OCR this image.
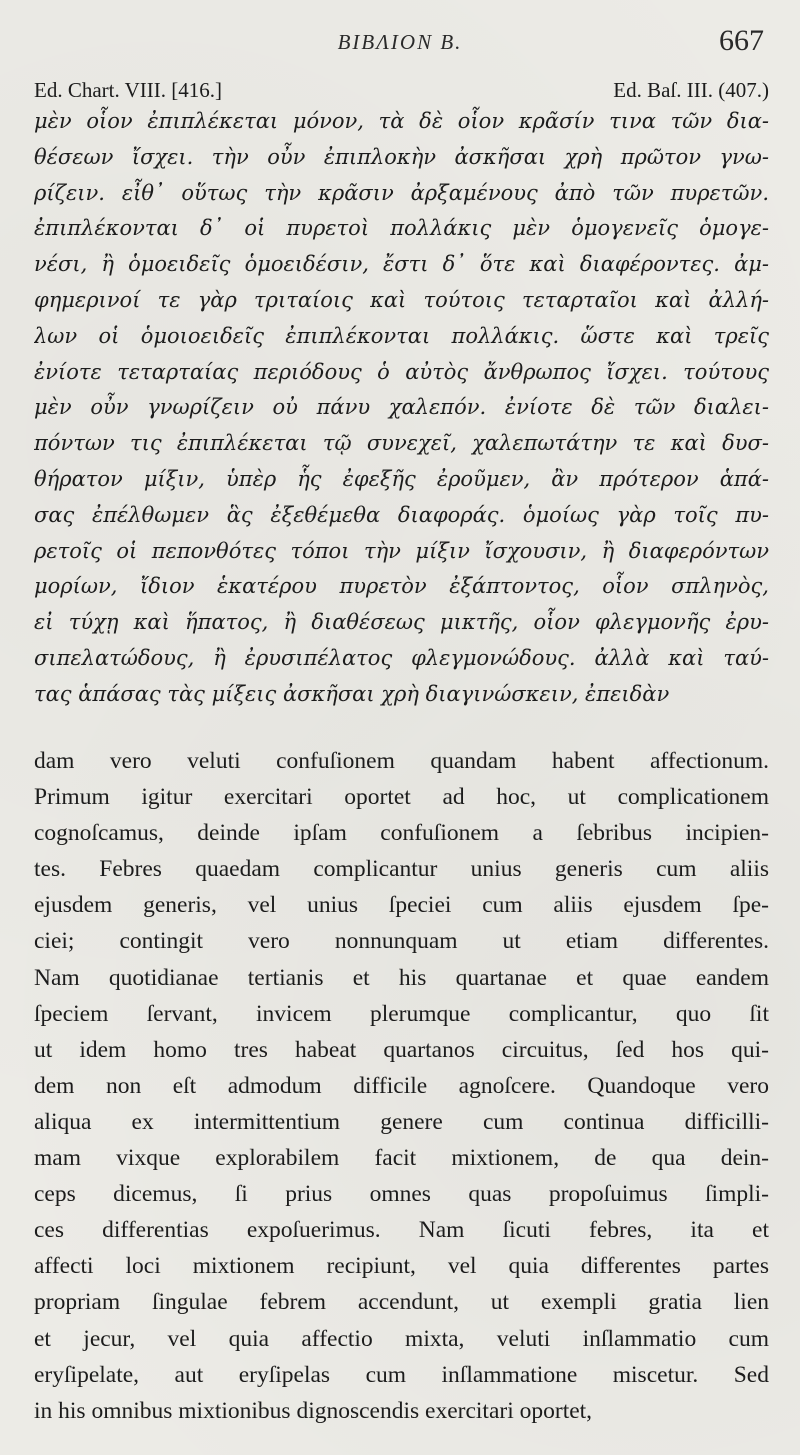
ΒΙΒΛΙΟΝ Β.	667
Ed. Chart. VIII. [416.]	Ed. Baſ. III. (407.)
μὲν οἷον ἐπιπλέκεται μόνον, τὰ δὲ οἷον κρᾶσίν τινα τῶν δια-
θέσεων ἴσχει. τὴν οὖν ἐπιπλοκὴν ἀσκῆσαι χρὴ πρῶτον γνω-
ρίζειν. εἶθ᾽ οὕτως τὴν κρᾶσιν ἀρξαμένους ἀπὸ τῶν πυρετῶν.
ἐπιπλέκονται δ᾽ οἱ πυρετοὶ πολλάκις μὲν ὁμογενεῖς ὁμογε-
νέσι, ἢ ὁμοειδεῖς ὁμοειδέσιν, ἔστι δ᾽ ὅτε καὶ διαφέροντες. ἀμ-
φημερινοί τε γὰρ τριταίοις καὶ τούτοις τεταρταῖοι καὶ ἀλλή-
λων οἱ ὁμοιοειδεῖς ἐπιπλέκονται πολλάκις. ὥστε καὶ τρεῖς
ἐνίοτε τεταρταίας περιόδους ὁ αὐτὸς ἄνθρωπος ἴσχει. τούτους
μὲν οὖν γνωρίζειν οὐ πάνυ χαλεπόν. ἐνίοτε δὲ τῶν διαλει-
πόντων τις ἐπιπλέκεται τῷ συνεχεῖ, χαλεπωτάτην τε καὶ δυσ-
θήρατον μίξιν, ὑπὲρ ἧς ἐφεξῆς ἐροῦμεν, ἂν πρότερον ἁπά-
σας ἐπέλθωμεν ἃς ἐξεθέμεθα διαφοράς. ὁμοίως γὰρ τοῖς πυ-
ρετοῖς οἱ πεπονθότες τόποι τὴν μίξιν ἴσχουσιν, ἢ διαφερόντων
μορίων, ἴδιον ἑκατέρου πυρετὸν ἐξάπτοντος, οἷον σπληνὸς,
εἰ τύχῃ καὶ ἥπατος, ἢ διαθέσεως μικτῆς, οἷον φλεγμονῆς ἐρυ-
σιπελατώδους, ἢ ἐρυσιπέλατος φλεγμονώδους. ἀλλὰ καὶ ταύ-
τας ἁπάσας τὰς μίξεις ἀσκῆσαι χρὴ διαγινώσκειν, ἐπειδὰν
dam vero veluti confuſionem quandam habent affectionum.
Primum igitur exercitari oportet ad hoc, ut complicationem
cognoſcamus, deinde ipſam confuſionem a ſebribus incipien-
tes. Febres quaedam complicantur unius generis cum aliis
ejusdem generis, vel unius ſpeciei cum aliis ejusdem ſpe-
ciei; contingit vero nonnunquam ut etiam differentes.
Nam quotidianae tertianis et his quartanae et quae eandem
ſpeciem ſervant, invicem plerumque complicantur, quo ſit
ut idem homo tres habeat quartanos circuitus, ſed hos qui-
dem non eſt admodum difficile agnoſcere. Quandoque vero
aliqua ex intermittentium genere cum continua difficilli-
mam vixque explorabilem facit mixtionem, de qua dein-
ceps dicemus, ſi prius omnes quas propoſuimus ſimpli-
ces differentias expoſuerimus. Nam ſicuti febres, ita et
affecti loci mixtionem recipiunt, vel quia differentes partes
propriam ſingulae febrem accendunt, ut exempli gratia lien
et jecur, vel quia affectio mixta, veluti inſlammatio cum
eryſipelate, aut eryſipelas cum inſlammatione miscetur. Sed
in his omnibus mixtionibus dignoscendis exercitari oportet,
